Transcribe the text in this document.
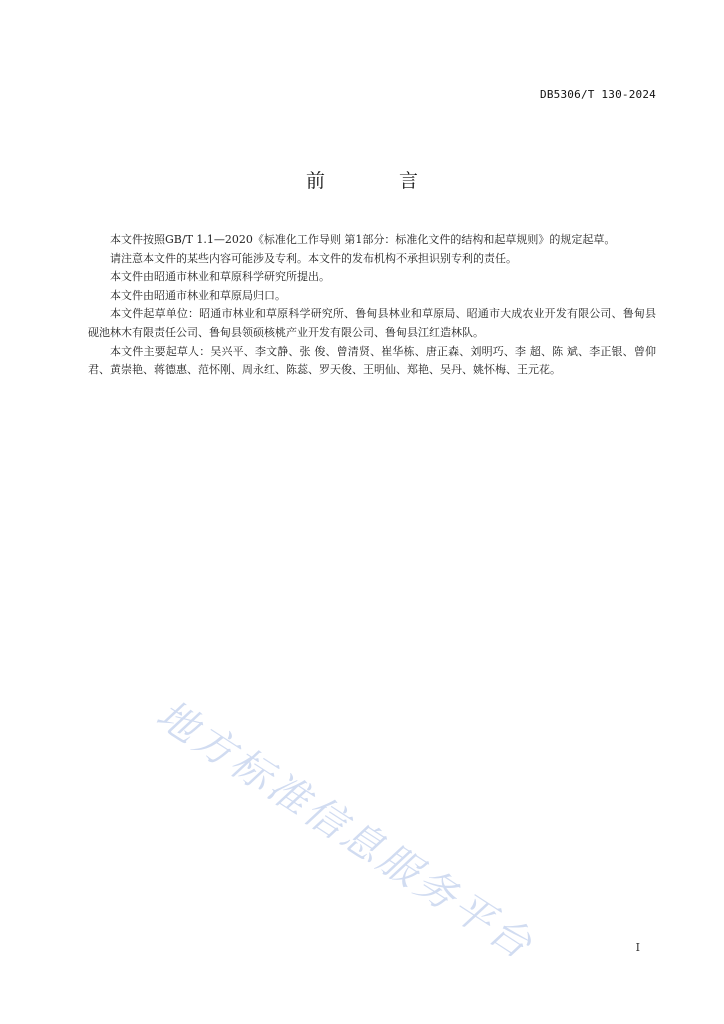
DB5306/T 130-2024
前 言

本文件按照GB/T 1.1—2020《标准化工作导则 第1部分：标准化文件的结构和起草规则》的规定起草。

请注意本文件的某些内容可能涉及专利。本文件的发布机构不承担识别专利的责任。

本文件由昭通市林业和草原科学研究所提出。

本文件由昭通市林业和草原局归口。

本文件起草单位：昭通市林业和草原科学研究所、鲁甸县林业和草原局、昭通市大成农业开发有限公司、鲁甸县砚池林木有限责任公司、鲁甸县领硕核桃产业开发有限公司、鲁甸县江红造林队。

本文件主要起草人：吴兴平、李文静、张 俊、曾清贤、崔华栋、唐正森、刘明巧、李 超、陈 斌、李正银、曾仰君、黄崇艳、蒋德惠、范怀刚、周永红、陈蕊、罗天俊、王明仙、郑艳、吴丹、姚怀梅、王元花。

地方标准信息服务平台	I
